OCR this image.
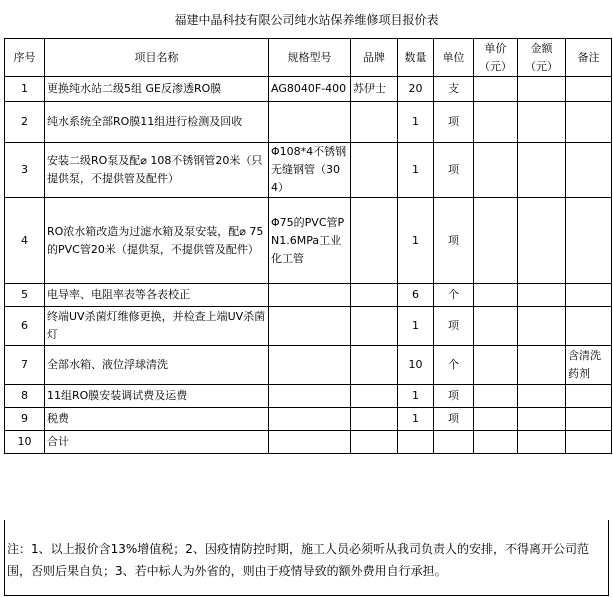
福建中晶科技有限公司纯水站保养维修项目报价表
序号	项目名称	规格型号	品牌	数量	单位	单价（元）	金额（元）	备注
1	更换纯水站二级5组 GE反渗透RO膜	AG8040F-400	苏伊士	20	支			
2	纯水系统全部RO膜11组进行检测及回收			1	项			
3	安装二级RO泵及配⌀ 108不锈钢管20米（只提供泵，不提供管及配件）	Φ108*4不锈钢无缝钢管（304）		1	项			
4	RO浓水箱改造为过滤水箱及泵安装，配⌀ 75的PVC管20米（提供泵，不提供管及配件）	Φ75的PVC管PN1.6MPa工业化工管		1	项			
5	电导率、电阻率表等各表校正			6	个			
6	终端UV杀菌灯维修更换，并检查上端UV杀菌灯			1	项			
7	全部水箱、液位浮球清洗			10	个			含清洗药剂
8	11组RO膜安装调试费及运费			1	项			
9	税费			1	项			
10	合计							
注：1、以上报价含13%增值税；2、因疫情防控时期，施工人员必须听从我司负责人的安排，不得离开公司范围，否则后果自负；3、若中标人为外省的，则由于疫情导致的额外费用自行承担。
